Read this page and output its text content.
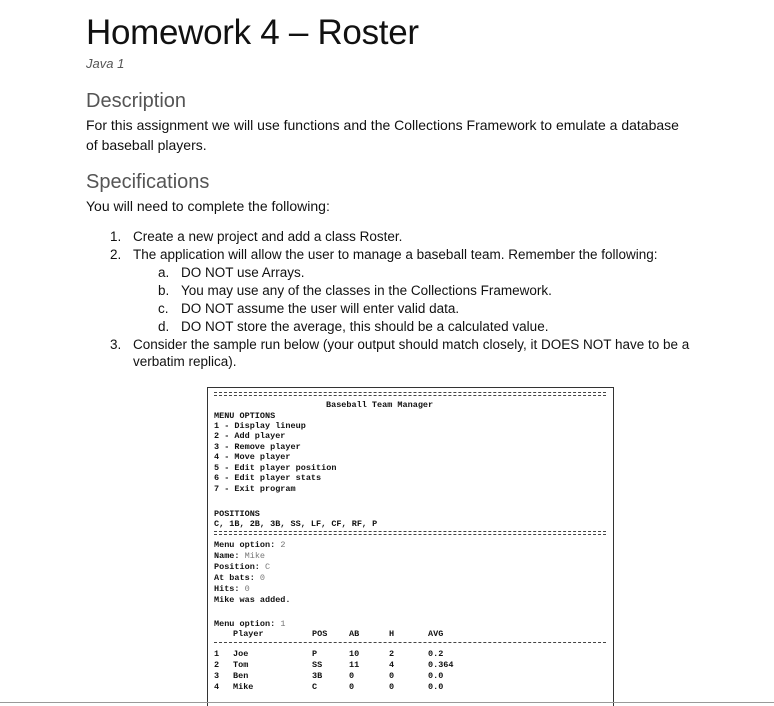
Homework 4 – Roster
Java 1
Description
For this assignment we will use functions and the Collections Framework to emulate a database of baseball players.
Specifications
You will need to complete the following:
1. Create a new project and add a class Roster.
2. The application will allow the user to manage a baseball team. Remember the following:
a. DO NOT use Arrays.
b. You may use any of the classes in the Collections Framework.
c. DO NOT assume the user will enter valid data.
d. DO NOT store the average, this should be a calculated value.
3. Consider the sample run below (your output should match closely, it DOES NOT have to be a
verbatim replica).
Baseball Team Manager
MENU OPTIONS
1 - Display lineup
2 - Add player
3 - Remove player
4 - Move player
5 - Edit player position
6 - Edit player stats
7 - Exit program
POSITIONS
C, 1B, 2B, 3B, SS, LF, CF, RF, P
Menu option: 2
Name: Mike
Position: C
At bats: 0
Hits: 0
Mike was added.
Menu option: 1
Player	POS	AB	H	AVG
1 Joe	P	10	2	0.2
2 Tom	SS	11	4	0.364
3 Ben	3B	0	0	0.0
4 Mike	C	0	0	0.0
